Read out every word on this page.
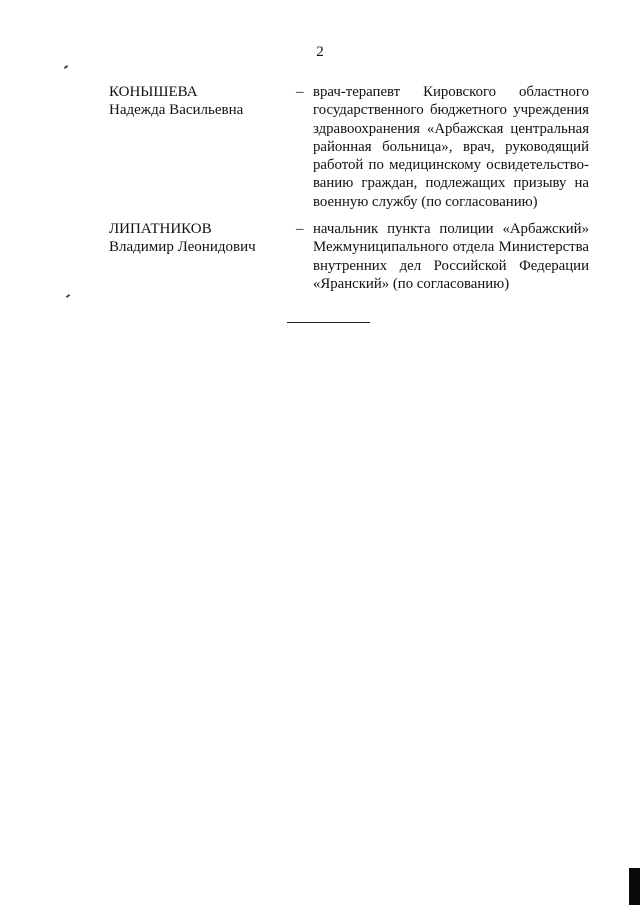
2
КОНЫШЕВА
Надежда Васильевна
– врач-терапевт Кировского областного государственного бюджетного учреждения здравоохранения «Арбажская центральная районная больница», врач, руководящий работой по медицинскому освидетельство-ванию граждан, подлежащих призыву на военную службу (по согласованию)
ЛИПАТНИКОВ
Владимир Леонидович
– начальник пункта полиции «Арбажский» Межмуниципального отдела Министерства внутренних дел Российской Федерации «Яранский» (по согласованию)
